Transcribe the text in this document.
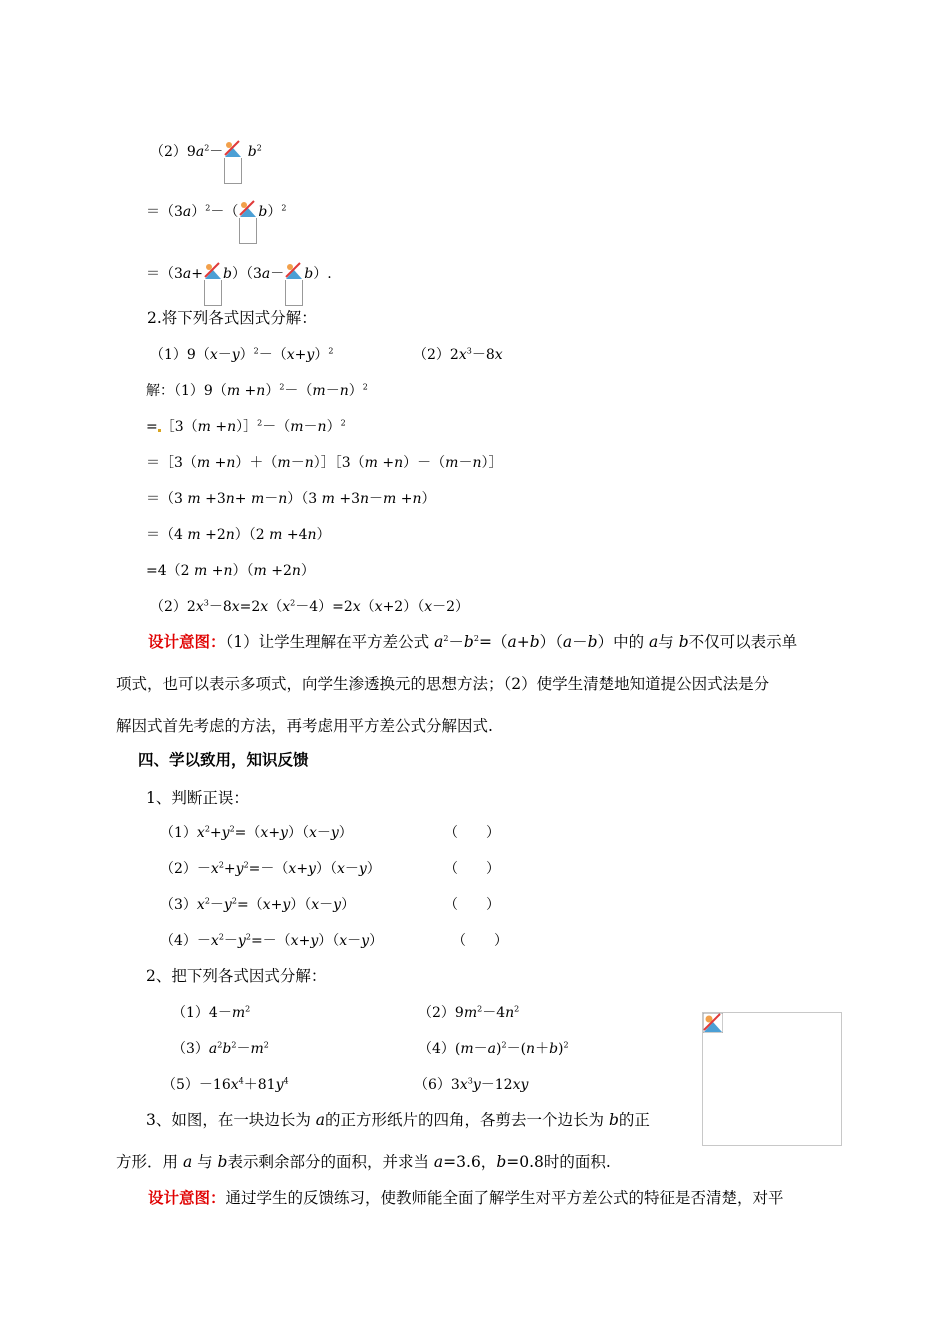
$(2)9a^2- b^2$
$=(3a)^2-$（ b）$^2$
＝（3a+ b）（3a－ b）.
2.将下列各式因式分解：
$(1)9(x-y)^2-(x+y)^2$	$(2)2x^3-8x$
解：$(1)9(m +n)^2-(m-n)^2$
= ［3（m $+n)]^2-(m-n)^2$
＝［3（m +n）＋（m－n）］［3（m +n）－（m－n）］
＝（3 m +3n+ m－n）（3 m +3n－m +n）
＝（4 m +2n）（2 m +4n）
=4（2 m +n）（m +2n）
$(2)2x^3-8x=2x(x^2-4)=2x(x+2)(x-2)$
设计意图：（1）让学生理解在平方差公式 $a^2-b^2=(a+b)(a-b)$中的 a与 b不仅可以表示单
项式，也可以表示多项式，向学生渗透换元的思想方法；（2）使学生清楚地知道提公因式法是分
解因式首先考虑的方法，再考虑用平方差公式分解因式.
四、学以致用，知识反馈
1、判断正误：
$(1)x^2+y^2=(x+y)(x-y)$	（　　）
$(2)-x^2+y^2=-(x+y)(x-y)$	（　　）
$(3)x^2-y^2=(x+y)(x-y)$	（　　）
$(4)-x^2-y^2=-(x+y)(x-y)$	（　　）
2、把下列各式因式分解：
$(1)4-m^2$	$(2)9m^2-4n^2$
$(3)a^2b^2-m^2$	$(4)(m-a)^2-(n+b)^2$
$(5)-16x^4+81y^4$	$(6)3x^3y-12xy$
3、如图，在一块边长为 a的正方形纸片的四角，各剪去一个边长为 b的正
方形．用 a 与 b表示剩余部分的面积，并求当 a=3.6，b=0.8时的面积.
设计意图：通过学生的反馈练习，使教师能全面了解学生对平方差公式的特征是否清楚，对平
